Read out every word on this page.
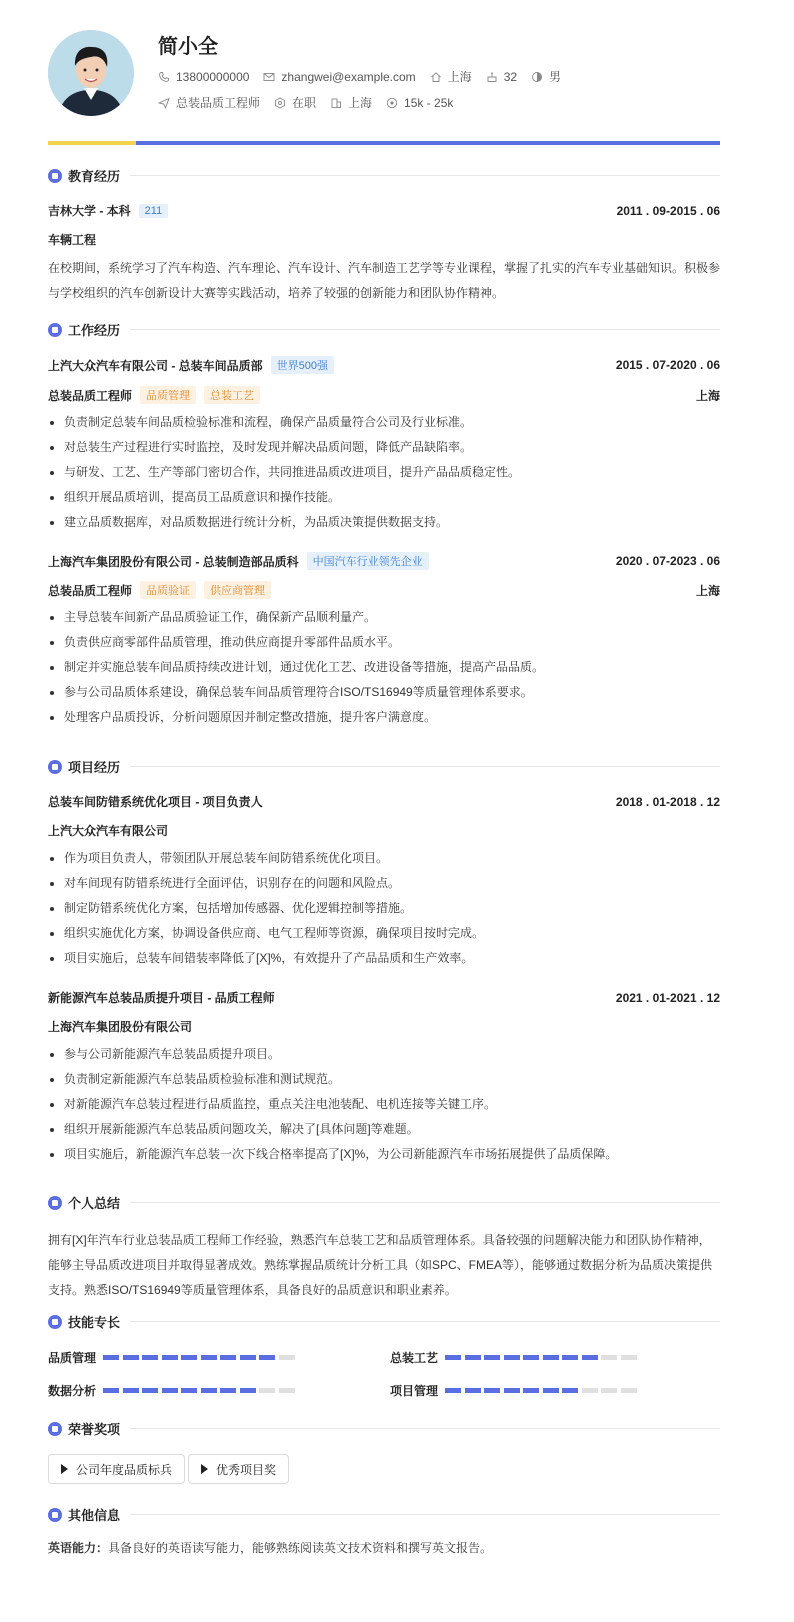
简小全
13800000000	zhangwei@example.com	上海	32	男
总装品质工程师	在职	上海	15k - 25k
教育经历
吉林大学 - 本科	211	2011 . 09-2015 . 06
车辆工程
在校期间，系统学习了汽车构造、汽车理论、汽车设计、汽车制造工艺学等专业课程，掌握了扎实的汽车专业基础知识。积极参与学校组织的汽车创新设计大赛等实践活动，培养了较强的创新能力和团队协作精神。
工作经历
上汽大众汽车有限公司 - 总装车间品质部	世界500强	2015 . 07-2020 . 06
总装品质工程师	品质管理	总装工艺	上海
负责制定总装车间品质检验标准和流程，确保产品质量符合公司及行业标准。
对总装生产过程进行实时监控，及时发现并解决品质问题，降低产品缺陷率。
与研发、工艺、生产等部门密切合作，共同推进品质改进项目，提升产品品质稳定性。
组织开展品质培训，提高员工品质意识和操作技能。
建立品质数据库，对品质数据进行统计分析，为品质决策提供数据支持。
上海汽车集团股份有限公司 - 总装制造部品质科	中国汽车行业领先企业	2020 . 07-2023 . 06
总装品质工程师	品质验证	供应商管理	上海
主导总装车间新产品品质验证工作，确保新产品顺利量产。
负责供应商零部件品质管理，推动供应商提升零部件品质水平。
制定并实施总装车间品质持续改进计划，通过优化工艺、改进设备等措施，提高产品品质。
参与公司品质体系建设，确保总装车间品质管理符合ISO/TS16949等质量管理体系要求。
处理客户品质投诉，分析问题原因并制定整改措施，提升客户满意度。
项目经历
总装车间防错系统优化项目 - 项目负责人	2018 . 01-2018 . 12
上汽大众汽车有限公司
作为项目负责人，带领团队开展总装车间防错系统优化项目。
对车间现有防错系统进行全面评估，识别存在的问题和风险点。
制定防错系统优化方案，包括增加传感器、优化逻辑控制等措施。
组织实施优化方案，协调设备供应商、电气工程师等资源，确保项目按时完成。
项目实施后，总装车间错装率降低了[X]%，有效提升了产品品质和生产效率。
新能源汽车总装品质提升项目 - 品质工程师	2021 . 01-2021 . 12
上海汽车集团股份有限公司
参与公司新能源汽车总装品质提升项目。
负责制定新能源汽车总装品质检验标准和测试规范。
对新能源汽车总装过程进行品质监控，重点关注电池装配、电机连接等关键工序。
组织开展新能源汽车总装品质问题攻关，解决了[具体问题]等难题。
项目实施后，新能源汽车总装一次下线合格率提高了[X]%，为公司新能源汽车市场拓展提供了品质保障。
个人总结
拥有[X]年汽车行业总装品质工程师工作经验，熟悉汽车总装工艺和品质管理体系。具备较强的问题解决能力和团队协作精神，能够主导品质改进项目并取得显著成效。熟练掌握品质统计分析工具（如SPC、FMEA等），能够通过数据分析为品质决策提供支持。熟悉ISO/TS16949等质量管理体系，具备良好的品质意识和职业素养。
技能专长
品质管理	总装工艺
数据分析	项目管理
荣誉奖项
公司年度品质标兵	优秀项目奖
其他信息
英语能力：具备良好的英语读写能力，能够熟练阅读英文技术资料和撰写英文报告。
